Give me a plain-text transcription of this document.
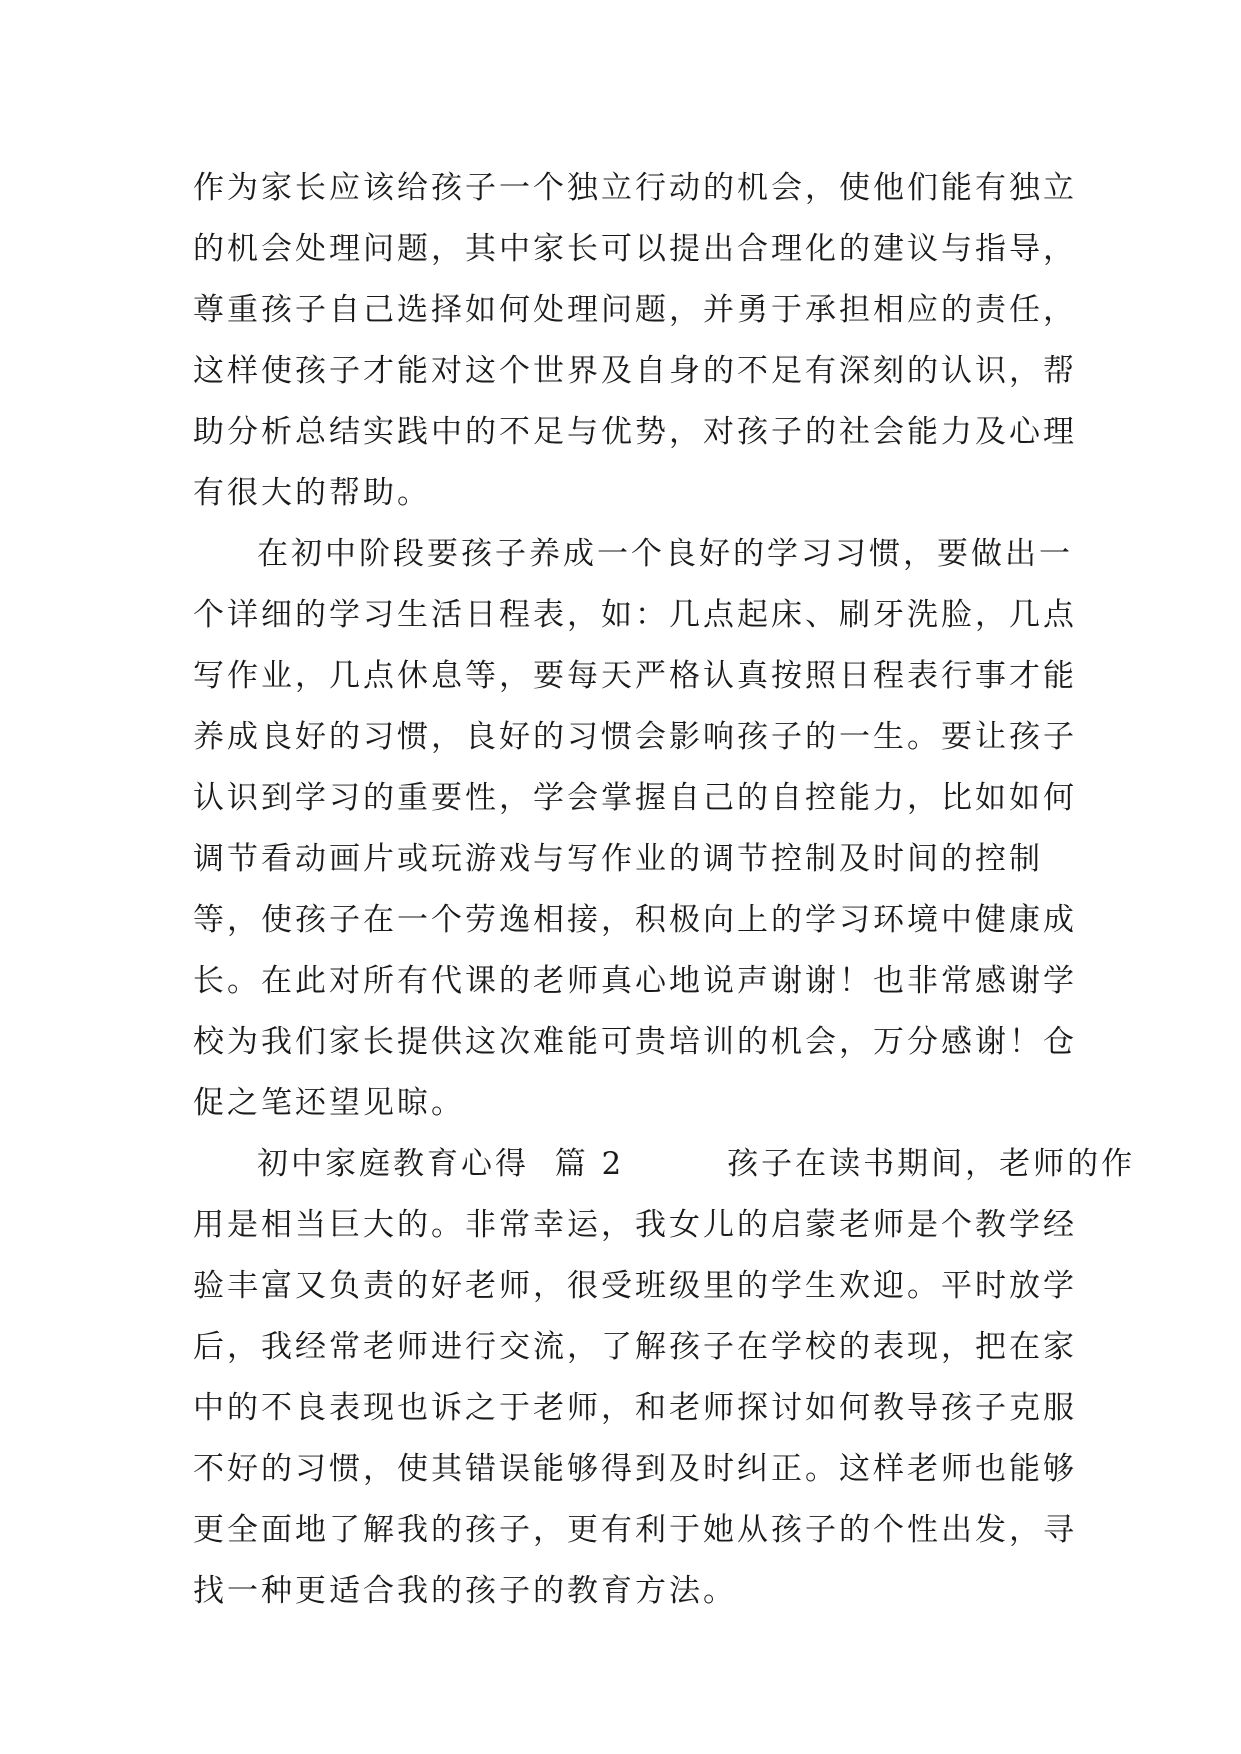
作为家长应该给孩子一个独立行动的机会，使他们能有独立
的机会处理问题，其中家长可以提出合理化的建议与指导，
尊重孩子自己选择如何处理问题，并勇于承担相应的责任，
这样使孩子才能对这个世界及自身的不足有深刻的认识，帮
助分析总结实践中的不足与优势，对孩子的社会能力及心理
有很大的帮助。
在初中阶段要孩子养成一个良好的学习习惯，要做出一
个详细的学习生活日程表，如：几点起床、刷牙洗脸，几点
写作业，几点休息等，要每天严格认真按照日程表行事才能
养成良好的习惯，良好的习惯会影响孩子的一生。要让孩子
认识到学习的重要性，学会掌握自己的自控能力，比如如何
调节看动画片或玩游戏与写作业的调节控制及时间的控制
等，使孩子在一个劳逸相接，积极向上的学习环境中健康成
长。在此对所有代课的老师真心地说声谢谢！也非常感谢学
校为我们家长提供这次难能可贵培训的机会，万分感谢！仓
促之笔还望见晾。
初中家庭教育心得  篇 2        孩子在读书期间，老师的作
用是相当巨大的。非常幸运，我女儿的启蒙老师是个教学经
验丰富又负责的好老师，很受班级里的学生欢迎。平时放学
后，我经常老师进行交流，了解孩子在学校的表现，把在家
中的不良表现也诉之于老师，和老师探讨如何教导孩子克服
不好的习惯，使其错误能够得到及时纠正。这样老师也能够
更全面地了解我的孩子，更有利于她从孩子的个性出发，寻
找一种更适合我的孩子的教育方法。
